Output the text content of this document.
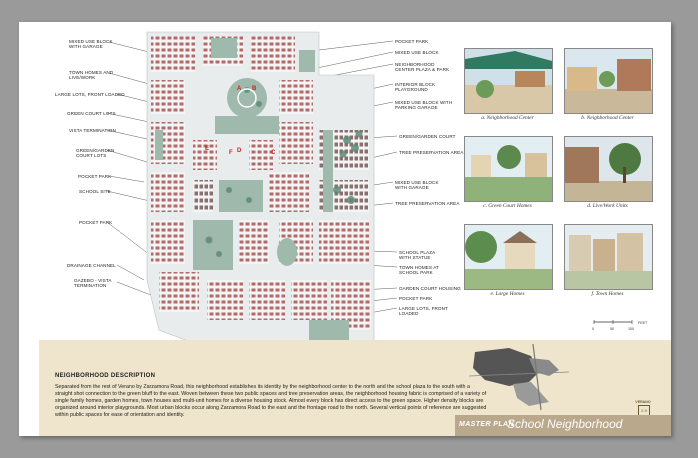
MIXED USE BLOCK
WITH GARAGE
TOWN HOMES AND
LIVE/WORK
LARGE LOTS, FRONT LOADED
GREEN COURT LOTS
VISTA TERMINATION
GREEN/GARDEN
COURT LOTS
POCKET PARK
SCHOOL SITE
POCKET PARK
DRAINAGE CHANNEL
GAZEBO - VISTA
TERMINATION
POCKET PARK
MIXED USE BLOCK
NEIGHBORHOOD
CENTER PLAZA & PARK
INTERIOR BLOCK
PLAYGROUND
MIXED USE BLOCK WITH
PARKING GARAGE
GREEN/GARDEN COURT
TREE PRESERVATION AREA
MIXED USE BLOCK
WITH GARAGE
TREE PRESERVATION AREA
SCHOOL PLAZA
WITH STATUE
TOWN HOMES AT
SCHOOL PARK
GARDEN COURT HOUSING
POCKET PARK
LARGE LOTS, FRONT
LOADED
A B
C
D
E
F
a. Neighborhood Center	b. Neighborhood Center
c. Green Court Homes	d. Live/Work Units
e. Large Homes	f. Town Homes
0	50	100
FEET
NEIGHBORHOOD DESCRIPTION
Separated from the rest of Verano by Zarzamora Road, this neighborhood establishes its identity by the neighborhood center to the north and the school plaza to the south with a straight shot connection to the green bluff to the east. Woven between these two public spaces and tree preservation areas, the neighborhood housing fabric is comprised of a variety of single family homes, garden homes, town houses and multi-unit homes for a diverse housing stock. Almost every block has direct access to the green space. Higher density blocks are organized around interior playgrounds. Most urban blocks occur along Zarzamora Road to the east and the frontage road to the north. Several vertical points of reference are suggested within public spaces for ease of orientation and identity.
VERANO
2-9
MASTER PLAN
School Neighborhood
